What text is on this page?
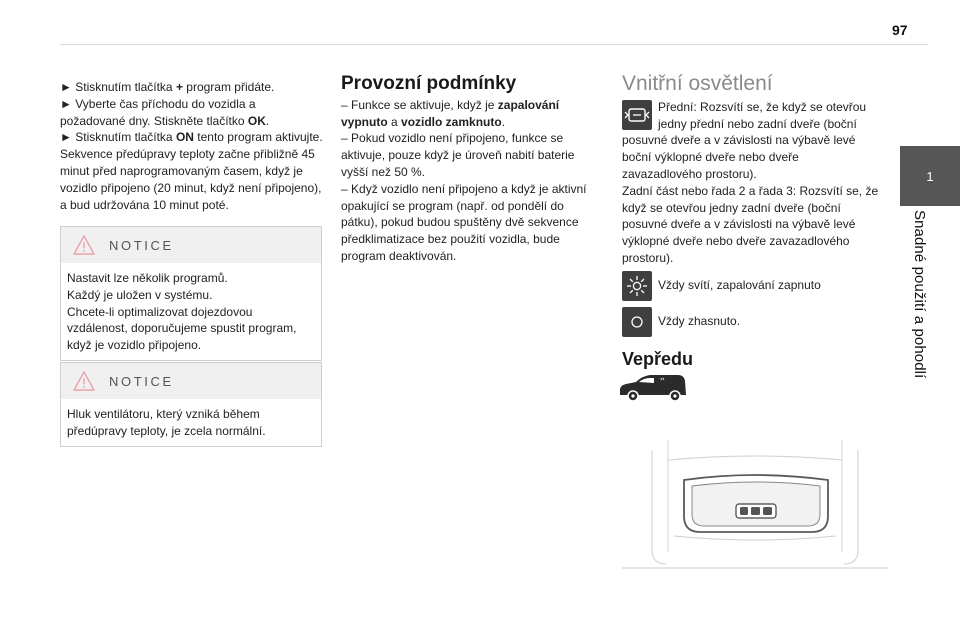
97
1
Snadné použití a pohodlí

► Stisknutím tlačítka + program přidáte.

► Vyberte čas příchodu do vozidla a požadované dny. Stiskněte tlačítko OK.

► Stisknutím tlačítka ON tento program aktivujte.

Sekvence předúpravy teploty začne přibližně 45 minut před naprogramovaným časem, když je vozidlo připojeno (20 minut, když není připojeno), a bud udržována 10 minut poté.

NOTICE
Nastavit lze několik programů.
Každý je uložen v systému.
Chcete-li optimalizovat dojezdovou vzdálenost, doporučujeme spustit program, když je vozidlo připojeno.
NOTICE
Hluk ventilátoru, který vzniká během předúpravy teploty, je zcela normální.
Provozní podmínky

– Funkce se aktivuje, když je zapalování vypnuto a vozidlo zamknuto.

– Pokud vozidlo není připojeno, funkce se aktivuje, pouze když je úroveň nabití baterie vyšší než 50 %.

– Když vozidlo není připojeno a když je aktivní opakující se program (např. od pondělí do pátku), pokud budou spuštěny dvě sekvence předklimatizace bez použití vozidla, bude program deaktivován.

Vnitřní osvětlení

Přední: Rozsvítí se, že když se otevřou jedny přední nebo zadní dveře (boční posuvné dveře a v závislosti na výbavě levé boční výklopné dveře nebo dveře zavazadlového prostoru).

Zadní část nebo řada 2 a řada 3: Rozsvítí se, že když se otevřou jedny zadní dveře (boční posuvné dveře a v závislosti na výbavě levé výklopné dveře nebo dveře zavazadlového prostoru).

Vždy svítí, zapalování zapnuto
Vždy zhasnuto.
Vepředu
⁷¹
